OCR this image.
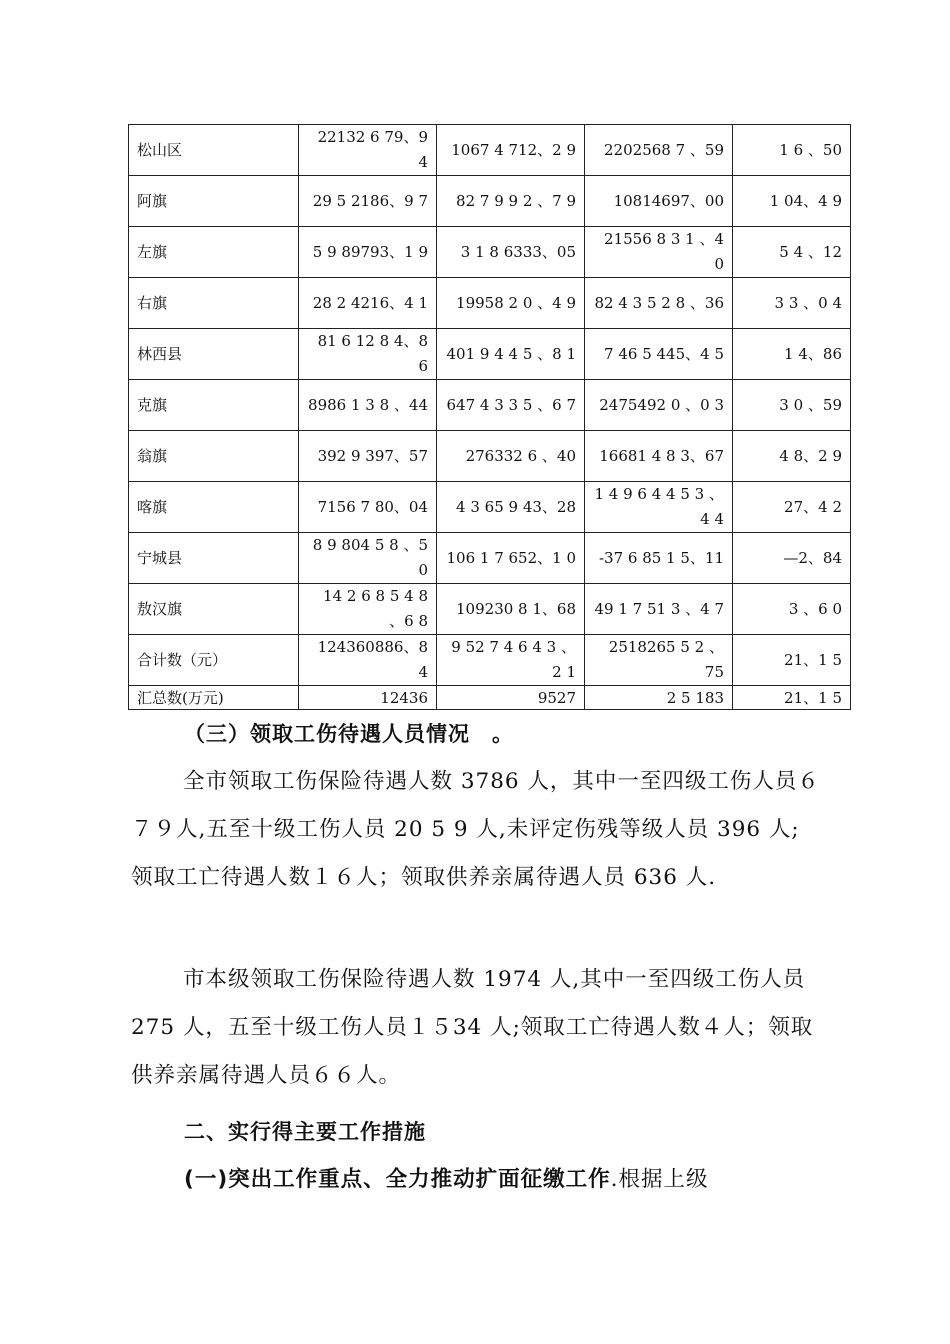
松山区	22132 6 79、9 4	1067 4 712、2 9	2202568 7 、59	1 6 、50
阿旗	29 5 2186、9 7	82 7 9 9 2 、7 9	10814697、00	1 04、4 9
左旗	5 9 89793、1 9	3 1 8 6333、05	21556 8 3 1 、4 0	5 4 、12
右旗	28 2 4216、4 1	19958 2 0 、4 9	82 4 3 5 2 8 、36	3 3 、0 4
林西县	81 6 12 8 4、8 6	401 9 4 4 5 、8 1	7 46 5 445、4 5	1 4、86
克旗	8986 1 3 8 、44	647 4 3 3 5 、6 7	2475492 0 、0 3	3 0 、59
翁旗	392 9 397、57	276332 6 、40	16681 4 8 3、67	4 8、2 9
喀旗	7156 7 80、04	4 3 65 9 43、28	1 4 9 6 4 4 5 3 、4 4	27、4 2
宁城县	8 9 804 5 8 、5 0	106 1 7 652、1 0	-37 6 85 1 5、11	—2、84
敖汉旗	14 2 6 8 5 4 8 、6 8	109230 8 1、68	49 1 7 51 3 、4 7	3 、6 0
合计数（元）	124360886、8 4	9 52 7 4 6 4 3 、2 1	2518265 5 2 、75	21、1 5
汇总数(万元)	12436	9527	2 5 183	21、1 5
（三）领取工伤待遇人员情况　。
全市领取工伤保险待遇人数 3786 人，其中一至四级工伤人员６７９人,五至十级工伤人员 20 5 9 人,未评定伤残等级人员 396 人;领取工亡待遇人数１６人；领取供养亲属待遇人员 636 人.
市本级领取工伤保险待遇人数 1974 人,其中一至四级工伤人员 275 人，五至十级工伤人员１５34 人;领取工亡待遇人数４人；领取供养亲属待遇人员６６人。
二、实行得主要工作措施
(一)突出工作重点、全力推动扩面征缴工作.根据上级
